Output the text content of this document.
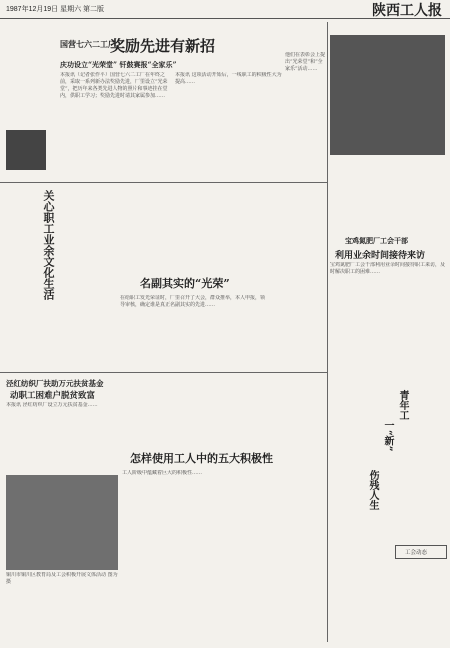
1987年12月19日 星期六 第二版	陕西工人报
国营七六二工厂
奖励先进有新招
庆功设立“光荣堂” 钎鼓赛报“全家乐”
本报讯（记者张作平）国营七六二工厂在年终之前，采取一系列新办法奖励先进，厂里设立“光荣堂”，把历年来各类先进人物的照片和事迹挂在堂内，供职工学习；奖励先进时请其家属参加……
本报讯 这项活动开始后，一线职工的积极性大为提高……
他们在表彰会上提出“光荣堂”和“全家乐”活动……
关心职工业余文化生活	名副其实的“光荣”
在给职工发光荣证时，厂里召开了大会，群众推举，本人申报，领导审核，确定谁是真正名副其实的先进……
泾红纺织厂扶助万元扶贫基金
动职工困难户脱贫致富
本报讯 泾红纺织厂设立万元扶贫基金……
铜川市铜川区教育局及工会积极开展文体活动 图为 摄
怎样使用工人中的五大积极性
工人阶级中蕴藏着巨大的积极性……
宝鸡氮肥厂工会干部
利用业余时间接待来访
宝鸡氮肥厂工会干部利用业余时间接待职工来访，及时解决职工的困难……
青年工
一“新”
伤残人生
工会动态
